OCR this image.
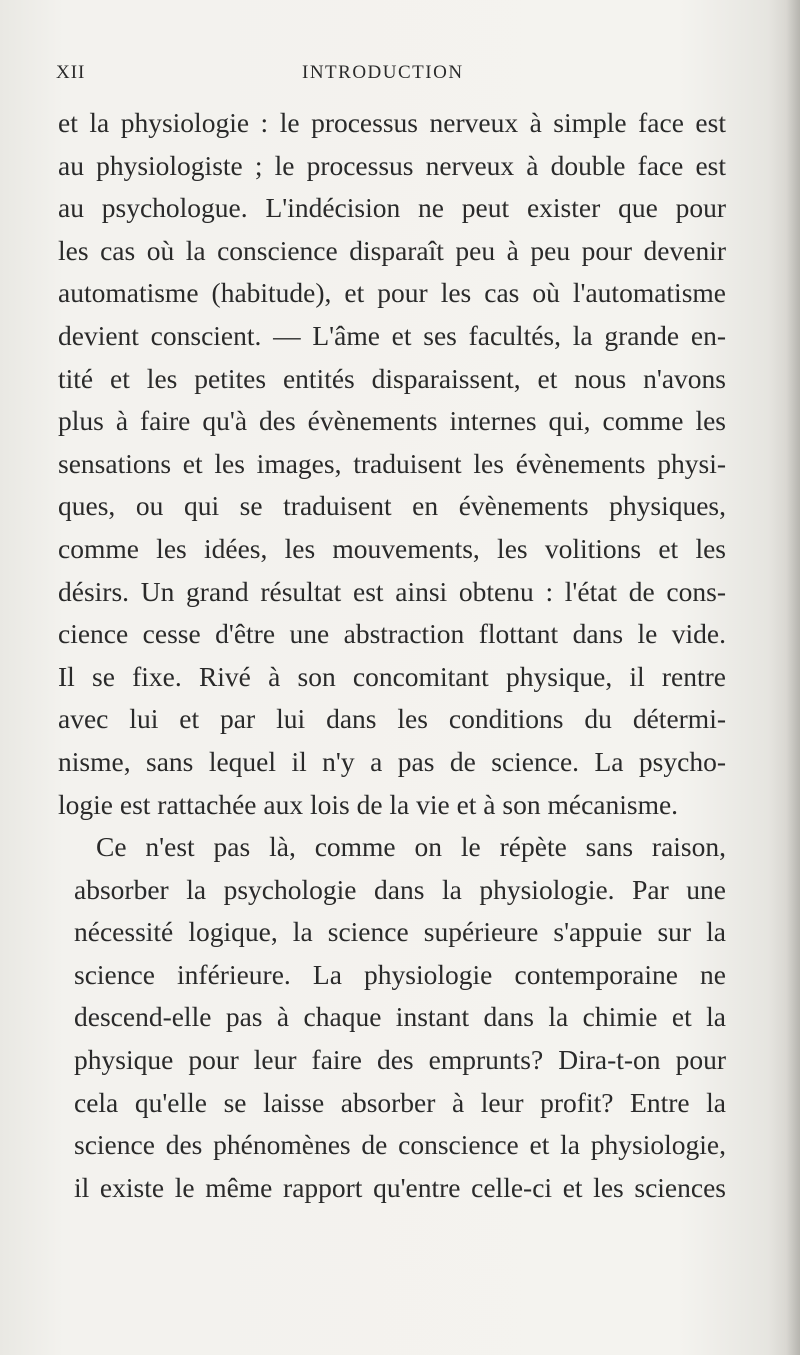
XII	INTRODUCTION
et la physiologie : le processus nerveux à simple face est
au physiologiste ; le processus nerveux à double face est
au psychologue. L'indécision ne peut exister que pour
les cas où la conscience disparaît peu à peu pour devenir
automatisme (habitude), et pour les cas où l'automatisme
devient conscient. — L'âme et ses facultés, la grande en-
tité et les petites entités disparaissent, et nous n'avons
plus à faire qu'à des évènements internes qui, comme les
sensations et les images, traduisent les évènements physi-
ques, ou qui se traduisent en évènements physiques,
comme les idées, les mouvements, les volitions et les
désirs. Un grand résultat est ainsi obtenu : l'état de cons-
cience cesse d'être une abstraction flottant dans le vide.
Il se fixe. Rivé à son concomitant physique, il rentre
avec lui et par lui dans les conditions du détermi-
nisme, sans lequel il n'y a pas de science. La psycho-
logie est rattachée aux lois de la vie et à son mécanisme.
Ce n'est pas là, comme on le répète sans raison,
absorber la psychologie dans la physiologie. Par une
nécessité logique, la science supérieure s'appuie sur la
science inférieure. La physiologie contemporaine ne
descend-elle pas à chaque instant dans la chimie et la
physique pour leur faire des emprunts? Dira-t-on pour
cela qu'elle se laisse absorber à leur profit? Entre la
science des phénomènes de conscience et la physiologie,
il existe le même rapport qu'entre celle-ci et les sciences
